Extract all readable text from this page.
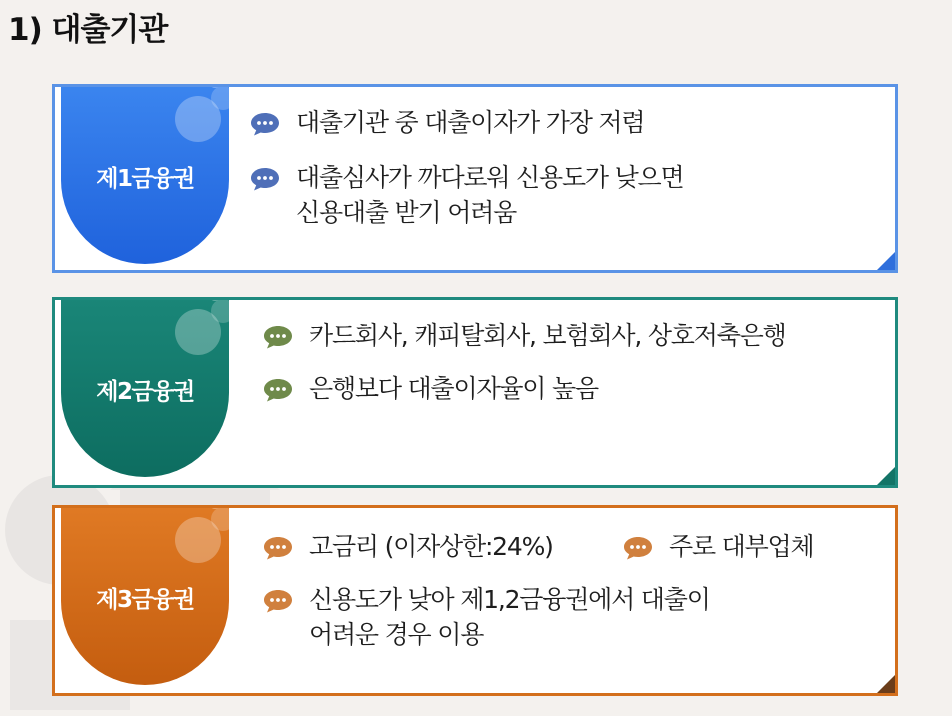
1) 대출기관
제1금융권
대출기관 중 대출이자가 가장 저렴
대출심사가 까다로워 신용도가 낮으면
신용대출 받기 어려움
제2금융권
카드회사, 캐피탈회사, 보험회사, 상호저축은행
은행보다 대출이자율이 높음
제3금융권
고금리 (이자상한:24%)	주로 대부업체
신용도가 낮아 제1,2금융권에서 대출이
어려운 경우 이용
